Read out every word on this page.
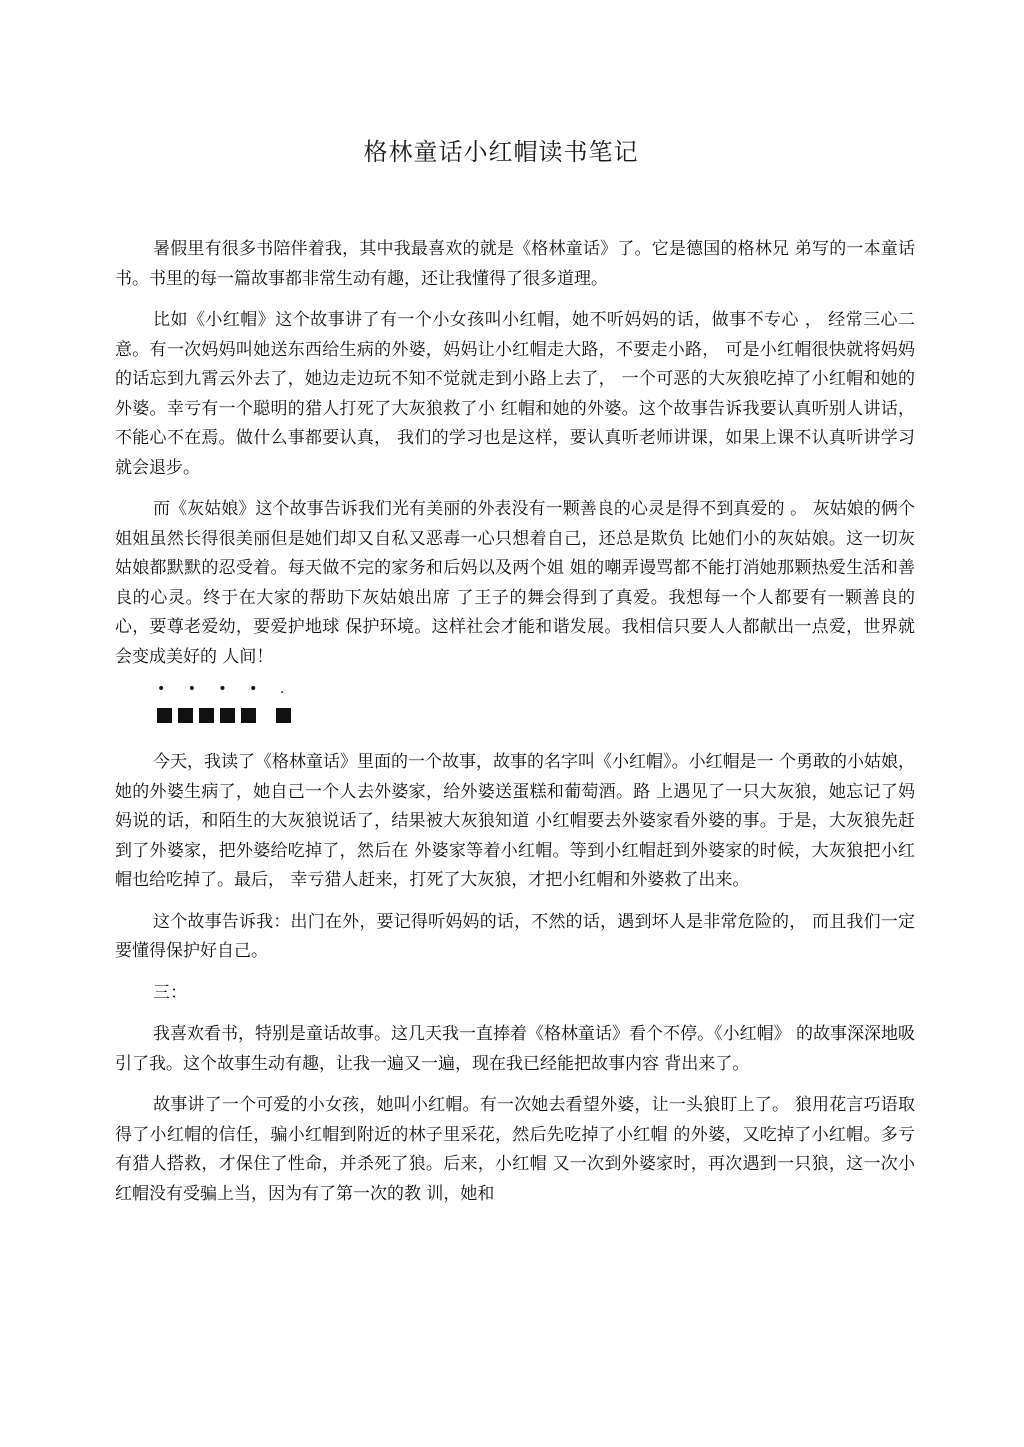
格林童话小红帽读书笔记

暑假里有很多书陪伴着我，其中我最喜欢的就是《格林童话》了。它是德国的格林兄 弟写的一本童话书。书里的每一篇故事都非常生动有趣，还让我懂得了很多道理。

比如《小红帽》这个故事讲了有一个小女孩叫小红帽，她不听妈妈的话，做事不专心 ， 经常三心二意。有一次妈妈叫她送东西给生病的外婆，妈妈让小红帽走大路，不要走小路， 可是小红帽很快就将妈妈的话忘到九霄云外去了，她边走边玩不知不觉就走到小路上去了， 一个可恶的大灰狼吃掉了小红帽和她的外婆。幸亏有一个聪明的猎人打死了大灰狼救了小 红帽和她的外婆。这个故事告诉我要认真听别人讲话，不能心不在焉。做什么事都要认真， 我们的学习也是这样，要认真听老师讲课，如果上课不认真听讲学习就会退步。

而《灰姑娘》这个故事告诉我们光有美丽的外表没有一颗善良的心灵是得不到真爱的 。 灰姑娘的俩个姐姐虽然长得很美丽但是她们却又自私又恶毒一心只想着自己，还总是欺负 比她们小的灰姑娘。这一切灰姑娘都默默的忍受着。每天做不完的家务和后妈以及两个姐 姐的嘲弄谩骂都不能打消她那颗热爱生活和善良的心灵。终于在大家的帮助下灰姑娘出席 了王子的舞会得到了真爱。我想每一个人都要有一颗善良的心，要尊老爱幼，要爱护地球 保护环境。这样社会才能和谐发展。我相信只要人人都献出一点爱，世界就会变成美好的 人间！

• • • • .

今天，我读了《格林童话》里面的一个故事，故事的名字叫《小红帽》。小红帽是一 个勇敢的小姑娘，她的外婆生病了，她自己一个人去外婆家，给外婆送蛋糕和葡萄酒。路 上遇见了一只大灰狼，她忘记了妈妈说的话，和陌生的大灰狼说话了，结果被大灰狼知道 小红帽要去外婆家看外婆的事。于是，大灰狼先赶到了外婆家，把外婆给吃掉了，然后在 外婆家等着小红帽。等到小红帽赶到外婆家的时候，大灰狼把小红帽也给吃掉了。最后， 幸亏猎人赶来，打死了大灰狼，才把小红帽和外婆救了出来。

这个故事告诉我：出门在外，要记得听妈妈的话，不然的话，遇到坏人是非常危险的， 而且我们一定要懂得保护好自己。

三：

我喜欢看书，特别是童话故事。这几天我一直捧着《格林童话》看个不停。《小红帽》 的故事深深地吸引了我。这个故事生动有趣，让我一遍又一遍，现在我已经能把故事内容 背出来了。

故事讲了一个可爱的小女孩，她叫小红帽。有一次她去看望外婆，让一头狼盯上了。 狼用花言巧语取得了小红帽的信任，骗小红帽到附近的林子里采花，然后先吃掉了小红帽 的外婆，又吃掉了小红帽。多亏有猎人搭救，才保住了性命，并杀死了狼。后来，小红帽 又一次到外婆家时，再次遇到一只狼，这一次小红帽没有受骗上当，因为有了第一次的教 训，她和
